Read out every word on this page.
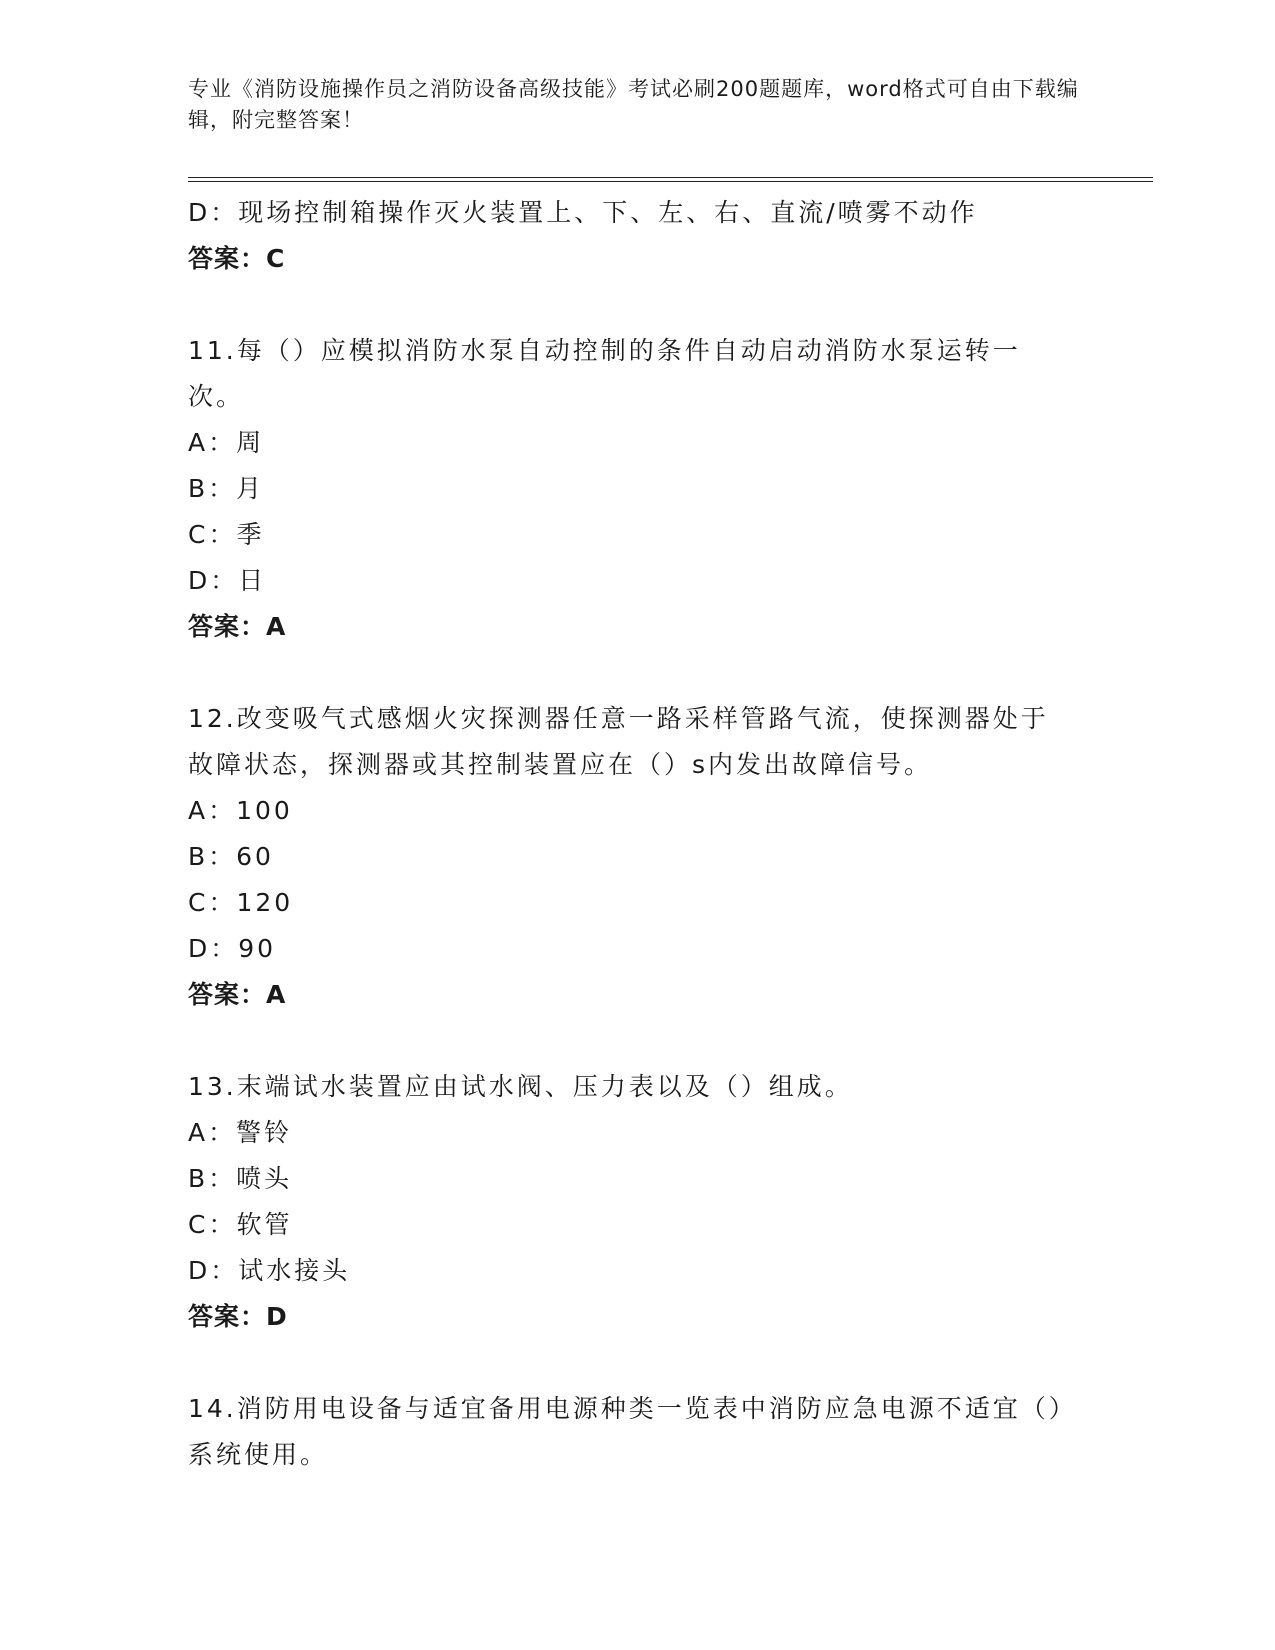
专业《消防设施操作员之消防设备高级技能》考试必刷200题题库，word格式可自由下载编辑，附完整答案！
D：现场控制箱操作灭火装置上、下、左、右、直流/喷雾不动作
答案：C
11.每（）应模拟消防水泵自动控制的条件自动启动消防水泵运转一次。
A：周
B：月
C：季
D：日
答案：A
12.改变吸气式感烟火灾探测器任意一路采样管路气流，使探测器处于故障状态，探测器或其控制装置应在（）s内发出故障信号。
A：100
B：60
C：120
D：90
答案：A
13.末端试水装置应由试水阀、压力表以及（）组成。
A：警铃
B：喷头
C：软管
D：试水接头
答案：D
14.消防用电设备与适宜备用电源种类一览表中消防应急电源不适宜（）系统使用。
